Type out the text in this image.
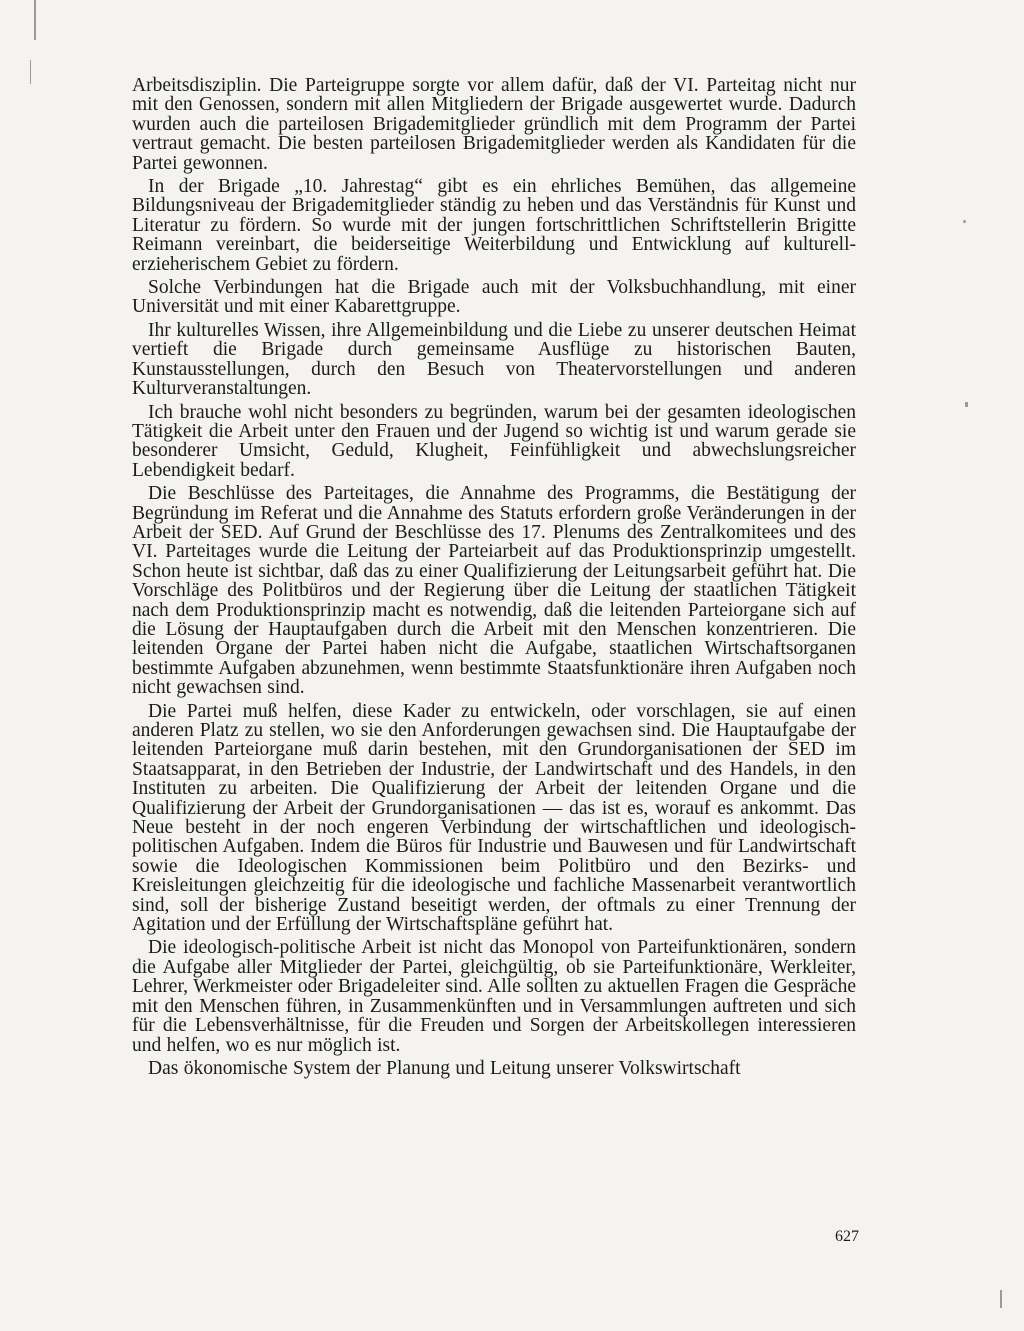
Arbeitsdisziplin. Die Parteigruppe sorgte vor allem dafür, daß der VI. Parteitag nicht nur mit den Genossen, sondern mit allen Mitgliedern der Brigade ausgewertet wurde. Dadurch wurden auch die parteilosen Brigademitglieder gründlich mit dem Programm der Partei vertraut gemacht. Die besten parteilosen Brigademitglieder werden als Kandidaten für die Partei gewonnen.

In der Brigade „10. Jahrestag“ gibt es ein ehrliches Bemühen, das allgemeine Bildungsniveau der Brigademitglieder ständig zu heben und das Verständnis für Kunst und Literatur zu fördern. So wurde mit der jungen fortschrittlichen Schriftstellerin Brigitte Reimann vereinbart, die beiderseitige Weiterbildung und Entwicklung auf kulturell-erzieherischem Gebiet zu fördern.

Solche Verbindungen hat die Brigade auch mit der Volksbuchhandlung, mit einer Universität und mit einer Kabarettgruppe.

Ihr kulturelles Wissen, ihre Allgemeinbildung und die Liebe zu unserer deutschen Heimat vertieft die Brigade durch gemeinsame Ausflüge zu historischen Bauten, Kunstausstellungen, durch den Besuch von Theatervorstellungen und anderen Kulturveranstaltungen.

Ich brauche wohl nicht besonders zu begründen, warum bei der gesamten ideologischen Tätigkeit die Arbeit unter den Frauen und der Jugend so wichtig ist und warum gerade sie besonderer Umsicht, Geduld, Klugheit, Feinfühligkeit und abwechslungsreicher Lebendigkeit bedarf.

Die Beschlüsse des Parteitages, die Annahme des Programms, die Bestätigung der Begründung im Referat und die Annahme des Statuts erfordern große Veränderungen in der Arbeit der SED. Auf Grund der Beschlüsse des 17. Plenums des Zentralkomitees und des VI. Parteitages wurde die Leitung der Parteiarbeit auf das Produktionsprinzip umgestellt. Schon heute ist sichtbar, daß das zu einer Qualifizierung der Leitungsarbeit geführt hat. Die Vorschläge des Politbüros und der Regierung über die Leitung der staatlichen Tätigkeit nach dem Produktionsprinzip macht es notwendig, daß die leitenden Parteiorgane sich auf die Lösung der Hauptaufgaben durch die Arbeit mit den Menschen konzentrieren. Die leitenden Organe der Partei haben nicht die Aufgabe, staatlichen Wirtschaftsorganen bestimmte Aufgaben abzunehmen, wenn bestimmte Staatsfunktionäre ihren Aufgaben noch nicht gewachsen sind.

Die Partei muß helfen, diese Kader zu entwickeln, oder vorschlagen, sie auf einen anderen Platz zu stellen, wo sie den Anforderungen gewachsen sind. Die Hauptaufgabe der leitenden Parteiorgane muß darin bestehen, mit den Grundorganisationen der SED im Staatsapparat, in den Betrieben der Industrie, der Landwirtschaft und des Handels, in den Instituten zu arbeiten. Die Qualifizierung der Arbeit der leitenden Organe und die Qualifizierung der Arbeit der Grundorganisationen — das ist es, worauf es ankommt. Das Neue besteht in der noch engeren Verbindung der wirtschaftlichen und ideologisch-politischen Aufgaben. Indem die Büros für Industrie und Bauwesen und für Landwirtschaft sowie die Ideologischen Kommissionen beim Politbüro und den Bezirks- und Kreisleitungen gleichzeitig für die ideologische und fachliche Massenarbeit verantwortlich sind, soll der bisherige Zustand beseitigt werden, der oftmals zu einer Trennung der Agitation und der Erfüllung der Wirtschaftspläne geführt hat.

Die ideologisch-politische Arbeit ist nicht das Monopol von Parteifunktionären, sondern die Aufgabe aller Mitglieder der Partei, gleichgültig, ob sie Parteifunktionäre, Werkleiter, Lehrer, Werkmeister oder Brigadeleiter sind. Alle sollten zu aktuellen Fragen die Gespräche mit den Menschen führen, in Zusammenkünften und in Versammlungen auftreten und sich für die Lebensverhältnisse, für die Freuden und Sorgen der Arbeitskollegen interessieren und helfen, wo es nur möglich ist.

Das ökonomische System der Planung und Leitung unserer Volkswirtschaft

627
